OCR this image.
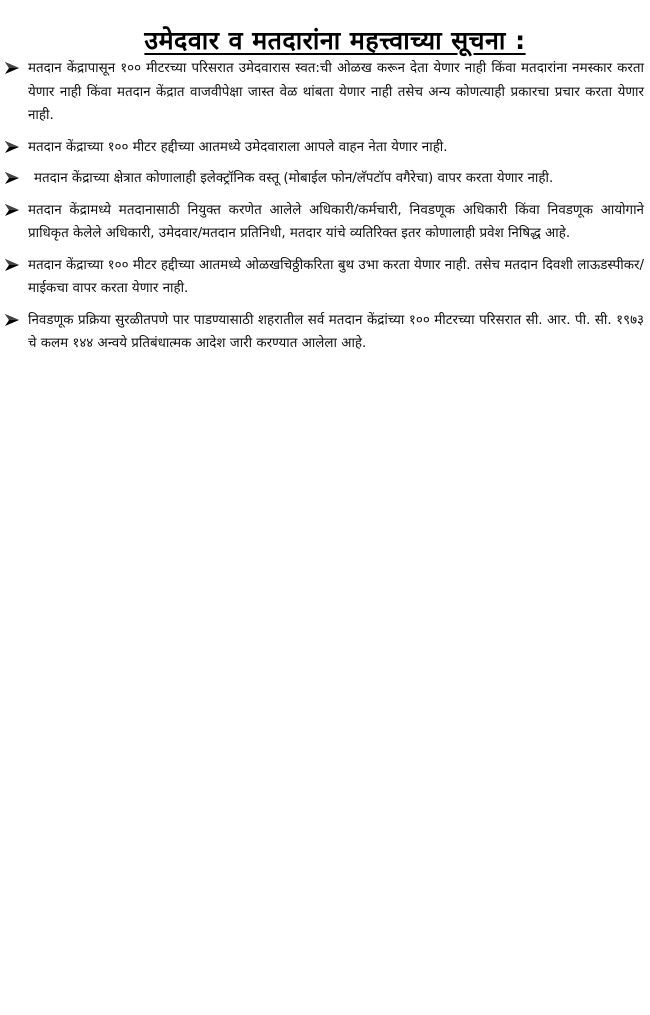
उमेदवार व मतदारांना महत्त्वाच्या सूचना :
मतदान केंद्रापासून १०० मीटरच्या परिसरात उमेदवारास स्वत:ची ओळख करून देता येणार नाही किंवा मतदारांना नमस्कार करता येणार नाही किंवा मतदान केंद्रात वाजवीपेक्षा जास्त वेळ थांबता येणार नाही तसेच अन्य कोणत्याही प्रकारचा प्रचार करता येणार नाही.
मतदान केंद्राच्या १०० मीटर हद्दीच्या आतमध्ये उमेदवाराला आपले वाहन नेता येणार नाही.
मतदान केंद्राच्या क्षेत्रात कोणालाही इलेक्ट्रॉनिक वस्तू (मोबाईल फोन/लॅपटॉप वगैरेचा) वापर करता येणार नाही.
मतदान केंद्रामध्ये मतदानासाठी नियुक्त करणेत आलेले अधिकारी/कर्मचारी, निवडणूक अधिकारी किंवा निवडणूक आयोगाने प्राधिकृत केलेले अधिकारी, उमेदवार/मतदान प्रतिनिधी, मतदार यांचे व्यतिरिक्त इतर कोणालाही प्रवेश निषिद्ध आहे.
मतदान केंद्राच्या १०० मीटर हद्दीच्या आतमध्ये ओळखचिठ्ठीकरिता बुथ उभा करता येणार नाही. तसेच मतदान दिवशी लाऊडस्पीकर/माईकचा वापर करता येणार नाही.
निवडणूक प्रक्रिया सुरळीतपणे पार पाडण्यासाठी शहरातील सर्व मतदान केंद्रांच्या १०० मीटरच्या परिसरात सी. आर. पी. सी. १९७३ चे कलम १४४ अन्वये प्रतिबंधात्मक आदेश जारी करण्यात आलेला आहे.
